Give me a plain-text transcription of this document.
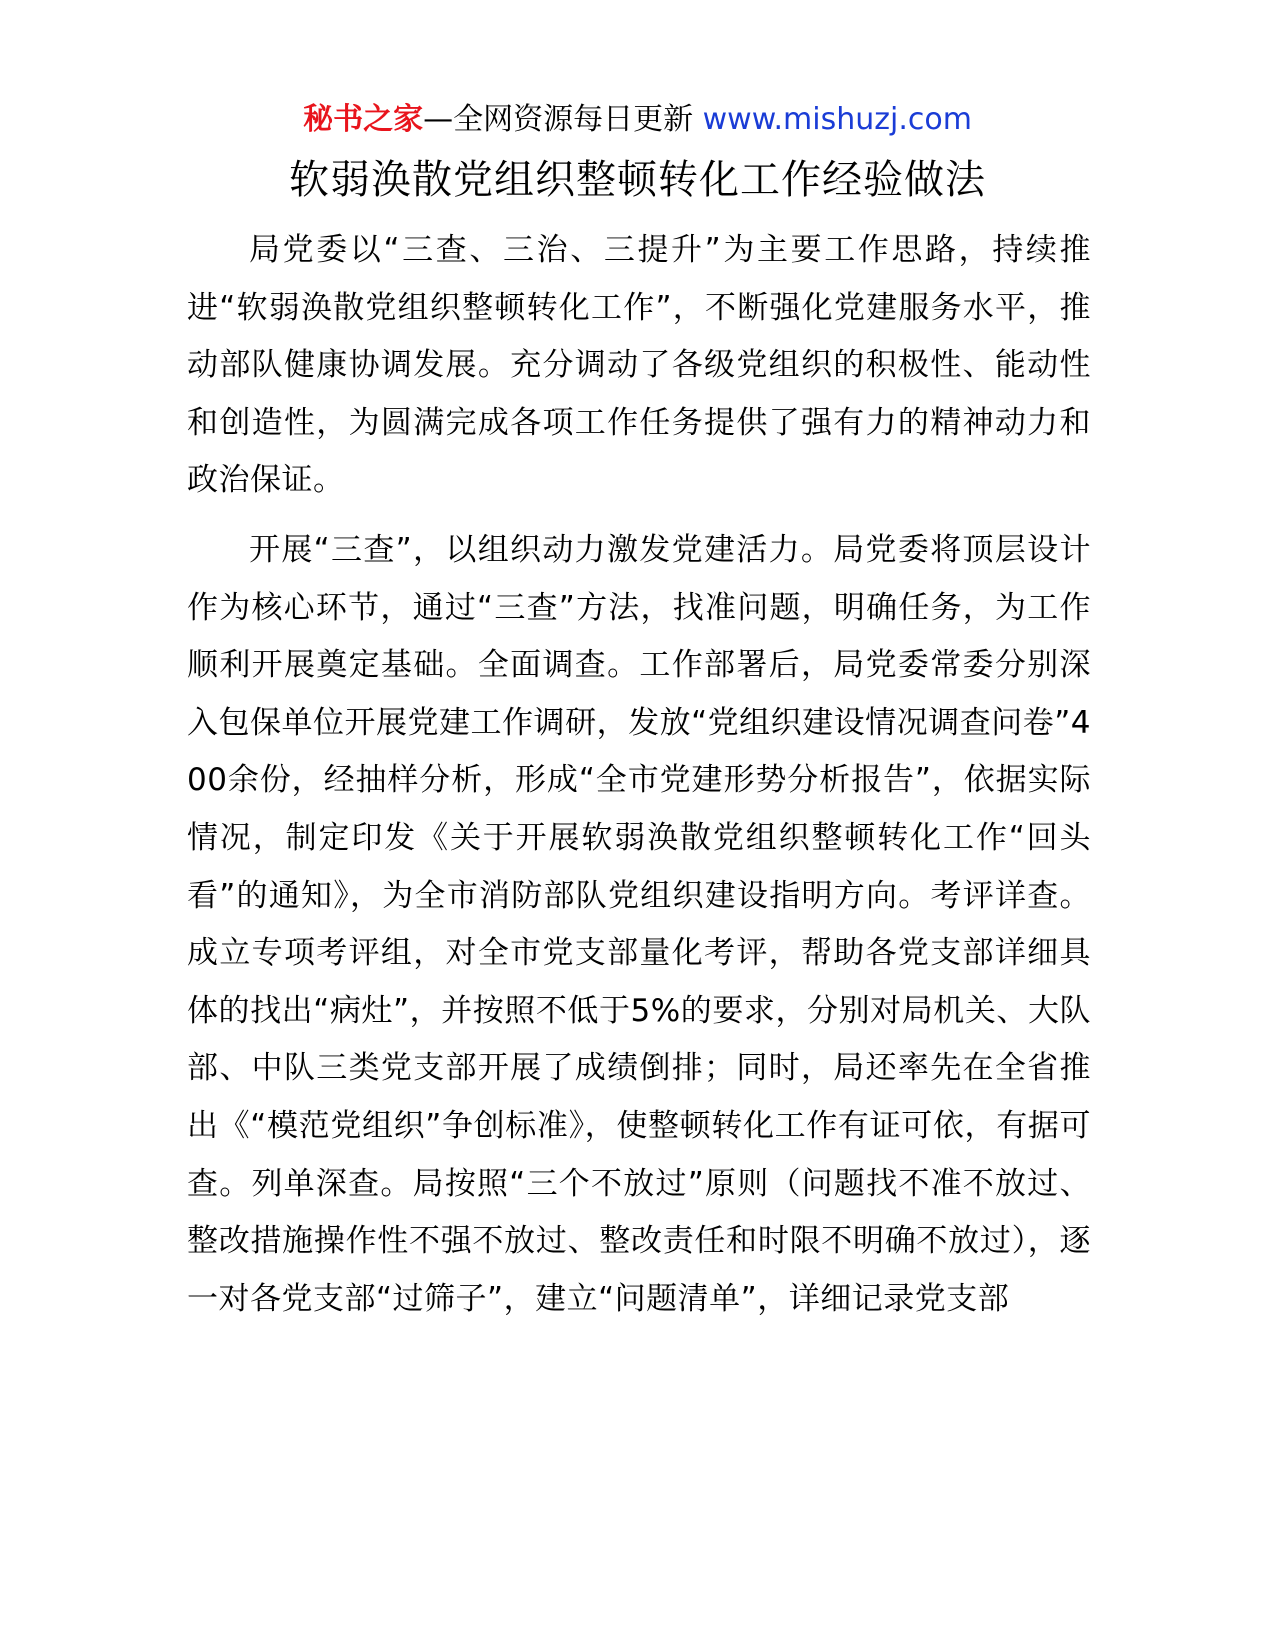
秘书之家—全网资源每日更新 www.mishuzj.com
软弱涣散党组织整顿转化工作经验做法

局党委以“三查、三治、三提升”为主要工作思路，持续推进“软弱涣散党组织整顿转化工作”，不断强化党建服务水平，推动部队健康协调发展。充分调动了各级党组织的积极性、能动性和创造性，为圆满完成各项工作任务提供了强有力的精神动力和政治保证。

开展“三查”，以组织动力激发党建活力。局党委将顶层设计作为核心环节，通过“三查”方法，找准问题，明确任务，为工作顺利开展奠定基础。全面调查。工作部署后，局党委常委分别深入包保单位开展党建工作调研，发放“党组织建设情况调查问卷”400余份，经抽样分析，形成“全市党建形势分析报告”，依据实际情况，制定印发《关于开展软弱涣散党组织整顿转化工作“回头看”的通知》，为全市消防部队党组织建设指明方向。考评详查。成立专项考评组，对全市党支部量化考评，帮助各党支部详细具体的找出“病灶”，并按照不低于5%的要求，分别对局机关、大队部、中队三类党支部开展了成绩倒排；同时，局还率先在全省推出《“模范党组织”争创标准》，使整顿转化工作有证可依，有据可查。列单深查。局按照“三个不放过”原则（问题找不准不放过、整改措施操作性不强不放过、整改责任和时限不明确不放过），逐一对各党支部“过筛子”，建立“问题清单”，详细记录党支部
